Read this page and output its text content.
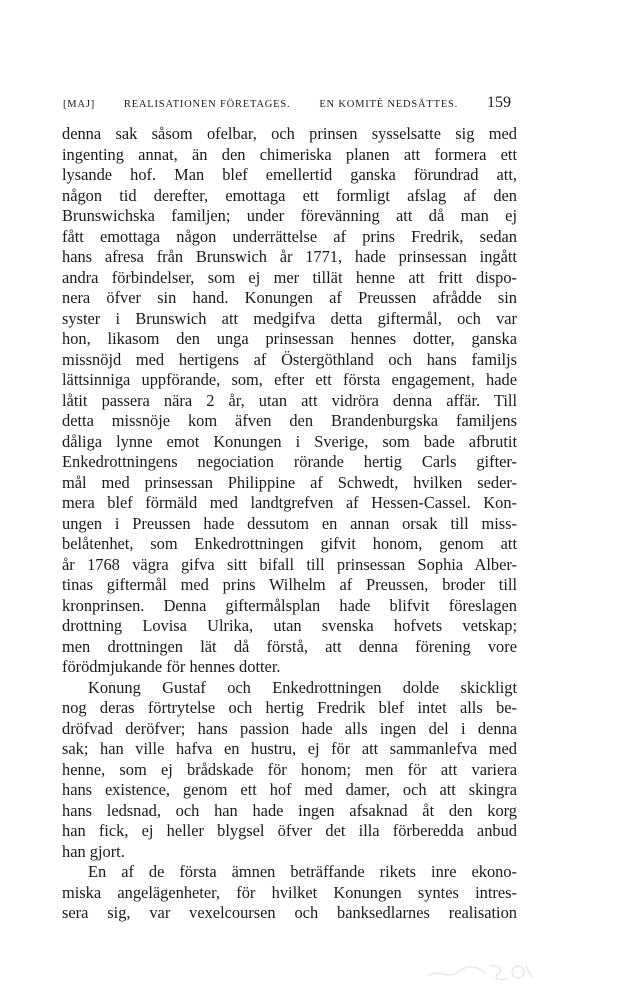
[MAJ]	REALISATIONEN FÖRETAGES.	EN KOMITÈ NEDSÄTTES. 159
denna sak såsom ofelbar, och prinsen sysselsatte sig med
ingenting annat, än den chimeriska planen att formera ett
lysande hof. Man blef emellertid ganska förundrad att,
någon tid derefter, emottaga ett formligt afslag af den
Brunswichska familjen; under förevänning att då man ej
fått emottaga någon underrättelse af prins Fredrik, sedan
hans afresa från Brunswich år 1771, hade prinsessan ingått
andra förbindelser, som ej mer tillät henne att fritt dispo-
nera öfver sin hand. Konungen af Preussen afrådde sin
syster i Brunswich att medgifva detta giftermål, och var
hon, likasom den unga prinsessan hennes dotter, ganska
missnöjd med hertigens af Östergöthland och hans familjs
lättsinniga uppförande, som, efter ett första engagement, hade
låtit passera nära 2 år, utan att vidröra denna affär. Till
detta missnöje kom äfven den Brandenburgska familjens
dåliga lynne emot Konungen i Sverige, som bade afbrutit
Enkedrottningens negociation rörande hertig Carls gifter-
mål med prinsessan Philippine af Schwedt, hvilken seder-
mera blef förmäld med landtgrefven af Hessen-Cassel. Kon-
ungen i Preussen hade dessutom en annan orsak till miss-
belåtenhet, som Enkedrottningen gifvit honom, genom att
år 1768 vägra gifva sitt bifall till prinsessan Sophia Alber-
tinas giftermål med prins Wilhelm af Preussen, broder till
kronprinsen. Denna giftermålsplan hade blifvit föreslagen
drottning Lovisa Ulrika, utan svenska hofvets vetskap;
men drottningen lät då förstå, att denna förening vore
förödmjukande för hennes dotter.
Konung Gustaf och Enkedrottningen dolde skickligt
nog deras förtrytelse och hertig Fredrik blef intet alls be-
dröfvad deröfver; hans passion hade alls ingen del i denna
sak; han ville hafva en hustru, ej för att sammanlefva med
henne, som ej brådskade för honom; men för att variera
hans existence, genom ett hof med damer, och att skingra
hans ledsnad, och han hade ingen afsaknad åt den korg
han fick, ej heller blygsel öfver det illa förberedda anbud
han gjort.
En af de första ämnen beträffande rikets inre ekono-
miska angelägenheter, för hvilket Konungen syntes intres-
sera sig, var vexelcoursen och banksedlarnes realisation
